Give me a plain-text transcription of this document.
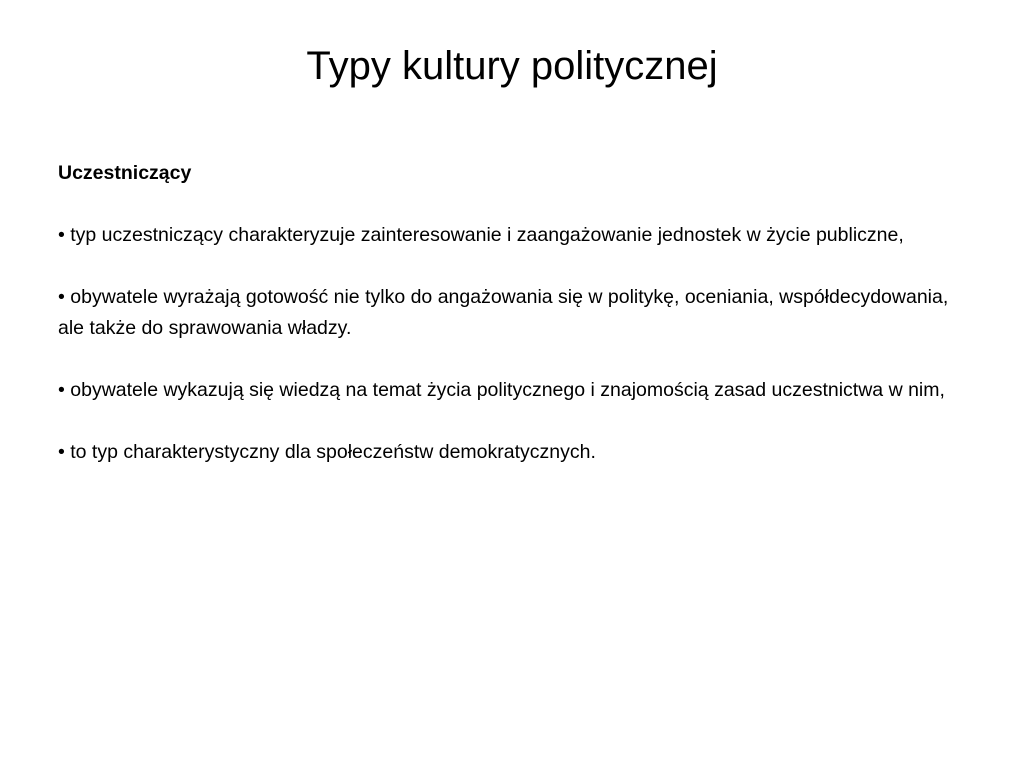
Typy kultury politycznej

Uczestniczący

• typ uczestniczący charakteryzuje zainteresowanie i zaangażowanie jednostek w życie publiczne,

• obywatele wyrażają gotowość nie tylko do angażowania się w politykę, oceniania, współdecydowania, ale także do sprawowania władzy.

• obywatele wykazują się wiedzą na temat życia politycznego i znajomością zasad uczestnictwa w nim,

• to typ charakterystyczny dla społeczeństw demokratycznych.
